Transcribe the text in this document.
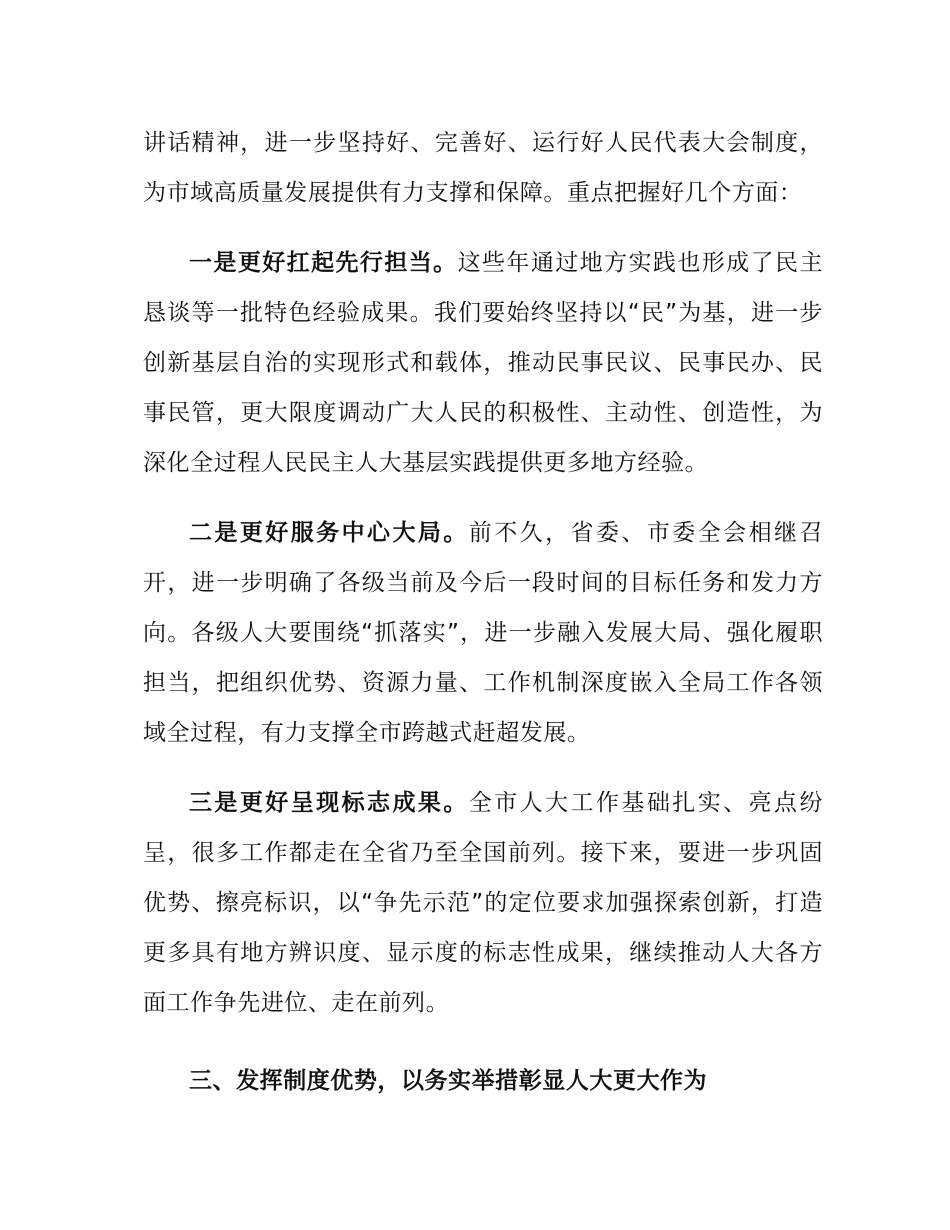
讲话精神，进一步坚持好、完善好、运行好人民代表大会制度，为市域高质量发展提供有力支撑和保障。重点把握好几个方面：

一是更好扛起先行担当。这些年通过地方实践也形成了民主恳谈等一批特色经验成果。我们要始终坚持以“民”为基，进一步创新基层自治的实现形式和载体，推动民事民议、民事民办、民事民管，更大限度调动广大人民的积极性、主动性、创造性，为深化全过程人民民主人大基层实践提供更多地方经验。

二是更好服务中心大局。前不久，省委、市委全会相继召开，进一步明确了各级当前及今后一段时间的目标任务和发力方向。各级人大要围绕“抓落实”，进一步融入发展大局、强化履职担当，把组织优势、资源力量、工作机制深度嵌入全局工作各领域全过程，有力支撑全市跨越式赶超发展。

三是更好呈现标志成果。全市人大工作基础扎实、亮点纷呈，很多工作都走在全省乃至全国前列。接下来，要进一步巩固优势、擦亮标识，以“争先示范”的定位要求加强探索创新，打造更多具有地方辨识度、显示度的标志性成果，继续推动人大各方面工作争先进位、走在前列。

三、发挥制度优势，以务实举措彰显人大更大作为
